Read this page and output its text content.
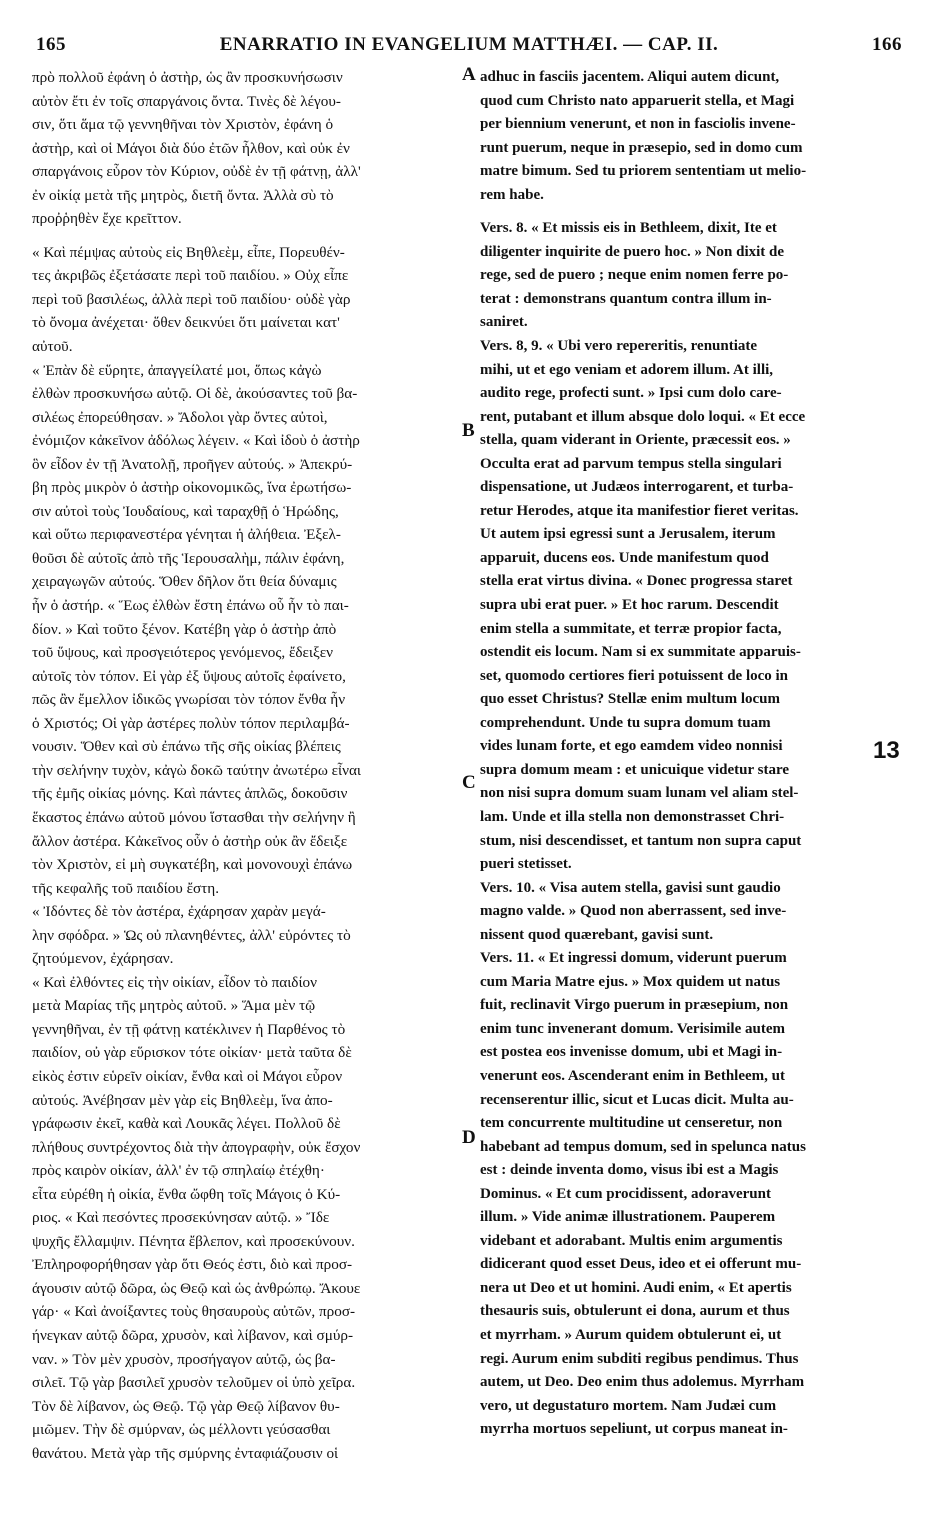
165	ENARRATIO IN EVANGELIUM MATTHÆI. — CAP. II.	166
πρὸ πολλοῦ ἐφάνη ὁ ἀστὴρ, ὡς ἂν προσκυνήσωσιν
αὐτὸν ἔτι ἐν τοῖς σπαργάνοις ὄντα. Τινὲς δὲ λέγου-
σιν, ὅτι ἅμα τῷ γεννηθῆναι τὸν Χριστὸν, ἐφάνη ὁ
ἀστὴρ, καὶ οἱ Μάγοι διὰ δύο ἐτῶν ἦλθον, καὶ οὐκ ἐν
σπαργάνοις εὗρον τὸν Κύριον, οὐδὲ ἐν τῇ φάτνῃ, ἀλλ'
ἐν οἰκίᾳ μετὰ τῆς μητρὸς, διετῆ ὄντα. Ἀλλὰ σὺ τὸ
προῤῥηθὲν ἔχε κρεῖττον.
« Καὶ πέμψας αὐτοὺς εἰς Βηθλεὲμ, εἶπε, Πορευθέν-
τες ἀκριβῶς ἐξετάσατε περὶ τοῦ παιδίου. » Οὐχ εἶπε
περὶ τοῦ βασιλέως, ἀλλὰ περὶ τοῦ παιδίου· οὐδὲ γὰρ
τὸ ὄνομα ἀνέχεται· ὅθεν δεικνύει ὅτι μαίνεται κατ'
αὐτοῦ.
« Ἐπὰν δὲ εὕρητε, ἀπαγγείλατέ μοι, ὅπως κἀγὼ
ἐλθὼν προσκυνήσω αὐτῷ. Οἱ δὲ, ἀκούσαντες τοῦ βα-
σιλέως ἐπορεύθησαν. » Ἄδολοι γὰρ ὄντες αὐτοὶ,
ἐνόμιζον κἀκεῖνον ἀδόλως λέγειν. « Καὶ ἰδοὺ ὁ ἀστὴρ
ὃν εἶδον ἐν τῇ Ἀνατολῇ, προῆγεν αὐτούς. » Ἀπεκρύ-
βη πρὸς μικρὸν ὁ ἀστὴρ οἰκονομικῶς, ἵνα ἐρωτήσω-
σιν αὐτοὶ τοὺς Ἰουδαίους, καὶ ταραχθῇ ὁ Ἡρώδης,
καὶ οὕτω περιφανεστέρα γένηται ἡ ἀλήθεια. Ἐξελ-
θοῦσι δὲ αὐτοῖς ἀπὸ τῆς Ἱερουσαλὴμ, πάλιν ἐφάνη,
χειραγωγῶν αὐτούς. Ὅθεν δῆλον ὅτι θεία δύναμις
ἦν ὁ ἀστήρ. « Ἕως ἐλθὼν ἔστη ἐπάνω οὗ ἦν τὸ παι-
δίον. » Καὶ τοῦτο ξένον. Κατέβη γὰρ ὁ ἀστὴρ ἀπὸ
τοῦ ὕψους, καὶ προσγειότερος γενόμενος, ἔδειξεν
αὐτοῖς τὸν τόπον. Εἰ γὰρ ἐξ ὕψους αὐτοῖς ἐφαίνετο,
πῶς ἂν ἔμελλον ἰδικῶς γνωρίσαι τὸν τόπον ἔνθα ἦν
ὁ Χριστός; Οἱ γὰρ ἀστέρες πολὺν τόπον περιλαμβά-
νουσιν. Ὅθεν καὶ σὺ ἐπάνω τῆς σῆς οἰκίας βλέπεις
τὴν σελήνην τυχὸν, κἀγὼ δοκῶ ταύτην ἀνωτέρω εἶναι
τῆς ἐμῆς οἰκίας μόνης. Καὶ πάντες ἁπλῶς, δοκοῦσιν
ἕκαστος ἐπάνω αὐτοῦ μόνου ἵστασθαι τὴν σελήνην ἢ
ἄλλον ἀστέρα. Κἀκεῖνος οὖν ὁ ἀστὴρ οὐκ ἂν ἔδειξε
τὸν Χριστὸν, εἰ μὴ συγκατέβη, καὶ μονονουχὶ ἐπάνω
τῆς κεφαλῆς τοῦ παιδίου ἔστη.
« Ἰδόντες δὲ τὸν ἀστέρα, ἐχάρησαν χαρὰν μεγά-
λην σφόδρα. » Ὡς οὐ πλανηθέντες, ἀλλ' εὑρόντες τὸ
ζητούμενον, ἐχάρησαν.
« Καὶ ἐλθόντες εἰς τὴν οἰκίαν, εἶδον τὸ παιδίον
μετὰ Μαρίας τῆς μητρὸς αὐτοῦ. » Ἅμα μὲν τῷ
γεννηθῆναι, ἐν τῇ φάτνῃ κατέκλινεν ἡ Παρθένος τὸ
παιδίον, οὐ γὰρ εὕρισκον τότε οἰκίαν· μετὰ ταῦτα δὲ
εἰκὸς ἐστιν εὑρεῖν οἰκίαν, ἔνθα καὶ οἱ Μάγοι εὗρον
αὐτούς. Ἀνέβησαν μὲν γὰρ εἰς Βηθλεὲμ, ἵνα ἀπο-
γράφωσιν ἐκεῖ, καθὰ καὶ Λουκᾶς λέγει. Πολλοῦ δὲ
πλήθους συντρέχοντος διὰ τὴν ἀπογραφὴν, οὐκ ἔσχον
πρὸς καιρὸν οἰκίαν, ἀλλ' ἐν τῷ σπηλαίῳ ἐτέχθη·
εἶτα εὑρέθη ἡ οἰκία, ἔνθα ὤφθη τοῖς Μάγοις ὁ Κύ-
ριος. « Καὶ πεσόντες προσεκύνησαν αὐτῷ. » Ἴδε
ψυχῆς ἔλλαμψιν. Πένητα ἔβλεπον, καὶ προσεκύνουν.
Ἐπληροφορήθησαν γὰρ ὅτι Θεός ἐστι, διὸ καὶ προσ-
άγουσιν αὐτῷ δῶρα, ὡς Θεῷ καὶ ὡς ἀνθρώπῳ. Ἄκουε
γάρ· « Καὶ ἀνοίξαντες τοὺς θησαυροὺς αὐτῶν, προσ-
ήνεγκαν αὐτῷ δῶρα, χρυσὸν, καὶ λίβανον, καὶ σμύρ-
ναν. » Τὸν μὲν χρυσὸν, προσήγαγον αὐτῷ, ὡς βα-
σιλεῖ. Τῷ γὰρ βασιλεῖ χρυσὸν τελοῦμεν οἱ ὑπὸ χεῖρα.
Τὸν δὲ λίβανον, ὡς Θεῷ. Τῷ γὰρ Θεῷ λίβανον θυ-
μιῶμεν. Τὴν δὲ σμύρναν, ὡς μέλλοντι γεύσασθαι
θανάτου. Μετὰ γὰρ τῆς σμύρνης ἐνταφιάζουσιν οἱ
adhuc in fasciis jacentem. Aliqui autem dicunt,
quod cum Christo nato apparuerit stella, et Magi
per biennium venerunt, et non in fasciolis invene-
runt puerum, neque in præsepio, sed in domo cum
matre bimum. Sed tu priorem sententiam ut melio-
rem habe.
Vers. 8. « Et missis eis in Bethleem, dixit, Ite et
diligenter inquirite de puero hoc. » Non dixit de
rege, sed de puero ; neque enim nomen ferre po-
terat : demonstrans quantum contra illum in-
saniret.
Vers. 8, 9. « Ubi vero repereritis, renuntiate
mihi, ut et ego veniam et adorem illum. At illi,
audito rege, profecti sunt. » Ipsi cum dolo care-
rent, putabant et illum absque dolo loqui. « Et ecce
stella, quam viderant in Oriente, præcessit eos. »
Occulta erat ad parvum tempus stella singulari
dispensatione, ut Judæos interrogarent, et turba-
retur Herodes, atque ita manifestior fieret veritas.
Ut autem ipsi egressi sunt a Jerusalem, iterum
apparuit, ducens eos. Unde manifestum quod
stella erat virtus divina. « Donec progressa staret
supra ubi erat puer. » Et hoc rarum. Descendit
enim stella a summitate, et terræ propior facta,
ostendit eis locum. Nam si ex summitate apparuis-
set, quomodo certiores fieri potuissent de loco in
quo esset Christus? Stellæ enim multum locum
comprehendunt. Unde tu supra domum tuam
vides lunam forte, et ego eamdem video nonnisi
supra domum meam : et unicuique videtur stare
non nisi supra domum suam lunam vel aliam stel-
lam. Unde et illa stella non demonstrasset Chri-
stum, nisi descendisset, et tantum non supra caput
pueri stetisset.
Vers. 10. « Visa autem stella, gavisi sunt gaudio
magno valde. » Quod non aberrassent, sed inve-
nissent quod quærebant, gavisi sunt.
Vers. 11. « Et ingressi domum, viderunt puerum
cum Maria Matre ejus. » Mox quidem ut natus
fuit, reclinavit Virgo puerum in præsepium, non
enim tunc invenerant domum. Verisimile autem
est postea eos invenisse domum, ubi et Magi in-
venerunt eos. Ascenderant enim in Bethleem, ut
recenserentur illic, sicut et Lucas dicit. Multa au-
tem concurrente multitudine ut censeretur, non
habebant ad tempus domum, sed in spelunca natus
est : deinde inventa domo, visus ibi est a Magis
Dominus. « Et cum procidissent, adoraverunt
illum. » Vide animæ illustrationem. Pauperem
videbant et adorabant. Multis enim argumentis
didicerant quod esset Deus, ideo et ei offerunt mu-
nera ut Deo et ut homini. Audi enim, « Et apertis
thesauris suis, obtulerunt ei dona, aurum et thus
et myrrham. » Aurum quidem obtulerunt ei, ut
regi. Aurum enim subditi regibus pendimus. Thus
autem, ut Deo. Deo enim thus adolemus. Myrrham
vero, ut degustaturo mortem. Nam Judæi cum
myrrha mortuos sepeliunt, ut corpus maneat in-
A
B
C
D
13
